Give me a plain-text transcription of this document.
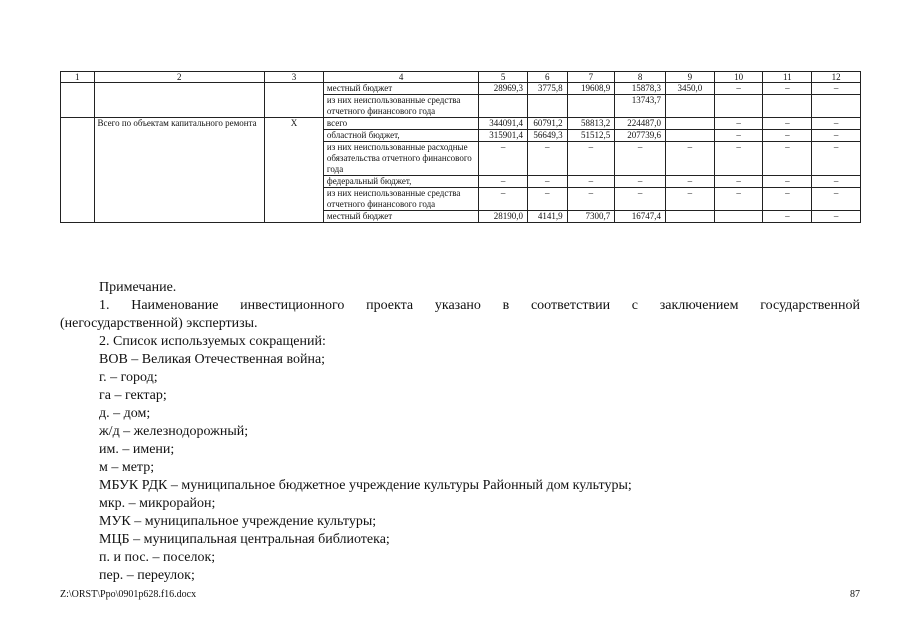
1	2	3	4	5	6	7	8	9	10	11	12
			местный бюджет	28969,3	3775,8	19608,9	15878,3	3450,0	–	–	–
			из них неиспользованные средства отчетного финансового года				13743,7				
	Всего по объектам капитального ремонта	Х	всего	344091,4	60791,2	58813,2	224487,0		–	–	–
			областной бюджет,	315901,4	56649,3	51512,5	207739,6		–	–	–
			из них неиспользованные расходные обязательства отчетного финансового года	–	–	–	–	–	–	–	–
			федеральный бюджет,	–	–	–	–	–	–	–	–
			из них неиспользованные средства отчетного финансового года	–	–	–	–	–	–	–	–
			местный бюджет	28190,0	4141,9	7300,7	16747,4			–	–

Примечание.

1. Наименование инвестиционного проекта указано в соответствии с заключением государственной

(негосударственной) экспертизы.

2. Список используемых сокращений:

ВОВ – Великая Отечественная война;

г. – город;

га – гектар;

д. – дом;

ж/д – железнодорожный;

им. – имени;

м – метр;

МБУК РДК – муниципальное бюджетное учреждение культуры Районный дом культуры;

мкр. – микрорайон;

МУК – муниципальное учреждение культуры;

МЦБ – муниципальная центральная библиотека;

п. и пос. – поселок;

пер. – переулок;

Z:\ORST\Ppo\0901p628.f16.docx	87
